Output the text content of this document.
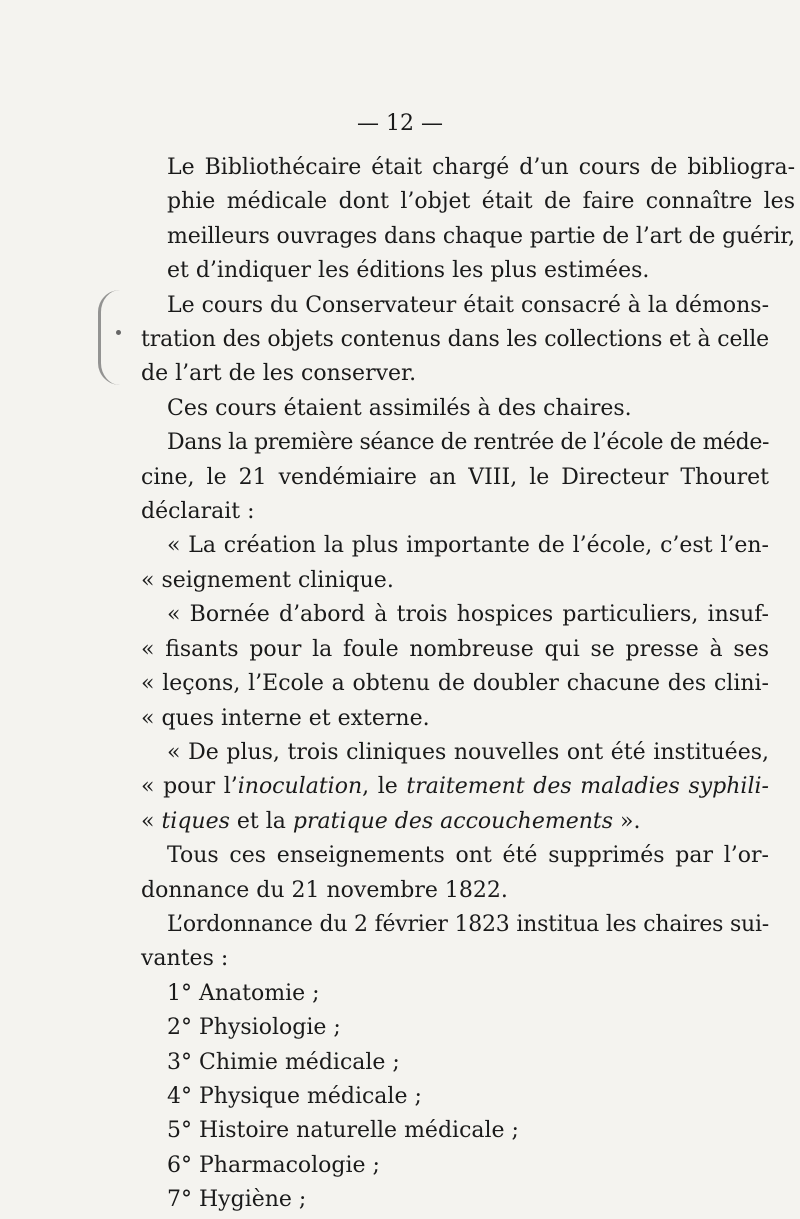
— 12 —

Le Bibliothécaire était chargé d’un cours de bibliogra-
phie médicale dont l’objet était de faire connaître les
meilleurs ouvrages dans chaque partie de l’art de guérir,
et d’indiquer les éditions les plus estimées.

Le cours du Conservateur était consacré à la démons-
tration des objets contenus dans les collections et à celle
de l’art de les conserver.

Ces cours étaient assimilés à des chaires.

Dans la première séance de rentrée de l’école de méde-
cine, le 21 vendémiaire an VIII, le Directeur Thouret
déclarait :

« La création la plus importante de l’école, c’est l’en-
« seignement clinique.

« Bornée d’abord à trois hospices particuliers, insuf-
« fisants pour la foule nombreuse qui se presse à ses
« leçons, l’Ecole a obtenu de doubler chacune des clini-
« ques interne et externe.

« De plus, trois cliniques nouvelles ont été instituées,
« pour l’inoculation, le traitement des maladies syphili-
« tiques et la pratique des accouchements ».

Tous ces enseignements ont été supprimés par l’or-
donnance du 21 novembre 1822.

L’ordonnance du 2 février 1823 institua les chaires sui-
vantes :

1° Anatomie ;
2° Physiologie ;
3° Chimie médicale ;
4° Physique médicale ;
5° Histoire naturelle médicale ;
6° Pharmacologie ;
7° Hygiène ;
